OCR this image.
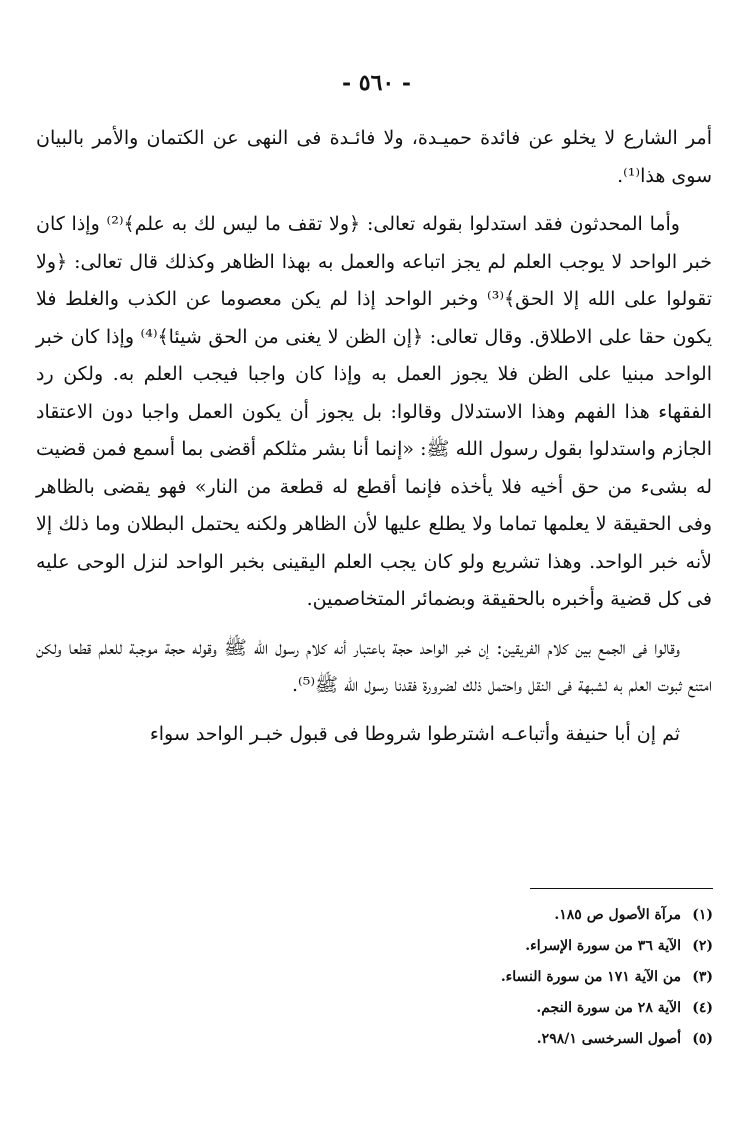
- ٥٦٠ -

أمر الشارع لا يخلو عن فائدة حميـدة، ولا فائـدة فى النهى عن الكتمان والأمر بالبيان سوى هذا⁽¹⁾.

وأما المحدثون فقد استدلوا بقوله تعالى: ﴿ولا تقف ما ليس لك به علم﴾⁽²⁾ وإذا كان خبر الواحد لا يوجب العلم لم يجز اتباعه والعمل به بهذا الظاهر وكذلك قال تعالى: ﴿ولا تقولوا على الله إلا الحق﴾⁽³⁾ وخبر الواحد إذا لم يكن معصوما عن الكذب والغلط فلا يكون حقا على الاطلاق. وقال تعالى: ﴿إن الظن لا يغنى من الحق شيئا﴾⁽⁴⁾ وإذا كان خبر الواحد مبنيا على الظن فلا يجوز العمل به وإذا كان واجبا فيجب العلم به. ولكن رد الفقهاء هذا الفهم وهذا الاستدلال وقالوا: بل يجوز أن يكون العمل واجبا دون الاعتقاد الجازم واستدلوا بقول رسول الله ﷺ: «إنما أنا بشر مثلكم أقضى بما أسمع فمن قضيت له بشىء من حق أخيه فلا يأخذه فإنما أقطع له قطعة من النار» فهو يقضى بالظاهر وفى الحقيقة لا يعلمها تماما ولا يطلع عليها لأن الظاهر ولكنه يحتمل البطلان وما ذلك إلا لأنه خبر الواحد. وهذا تشريع ولو كان يجب العلم اليقينى بخبر الواحد لنزل الوحى عليه فى كل قضية وأخبره بالحقيقة وبضمائر المتخاصمين.

وقالوا فى الجمع بين كلام الفريقين: إن خبر الواحد حجة باعتبار أنه كلام رسول الله ﷺ وقوله حجة موجبة للعلم قطعا ولكن امتنع ثبوت العلم به لشبهة فى النقل واحتمل ذلك لضرورة فقدنا رسول الله ﷺ⁽⁵⁾.

ثم إن أبا حنيفة وأتباعـه اشترطوا شروطا فى قبول خبـر الواحد سواء

(١)مرآة الأصول ص ١٨٥.
(٢)الآية ٣٦ من سورة الإسراء.
(٣)من الآية ١٧١ من سورة النساء.
(٤)الآية ٢٨ من سورة النجم.
(٥)أصول السرخسى ٢٩٨/١.
